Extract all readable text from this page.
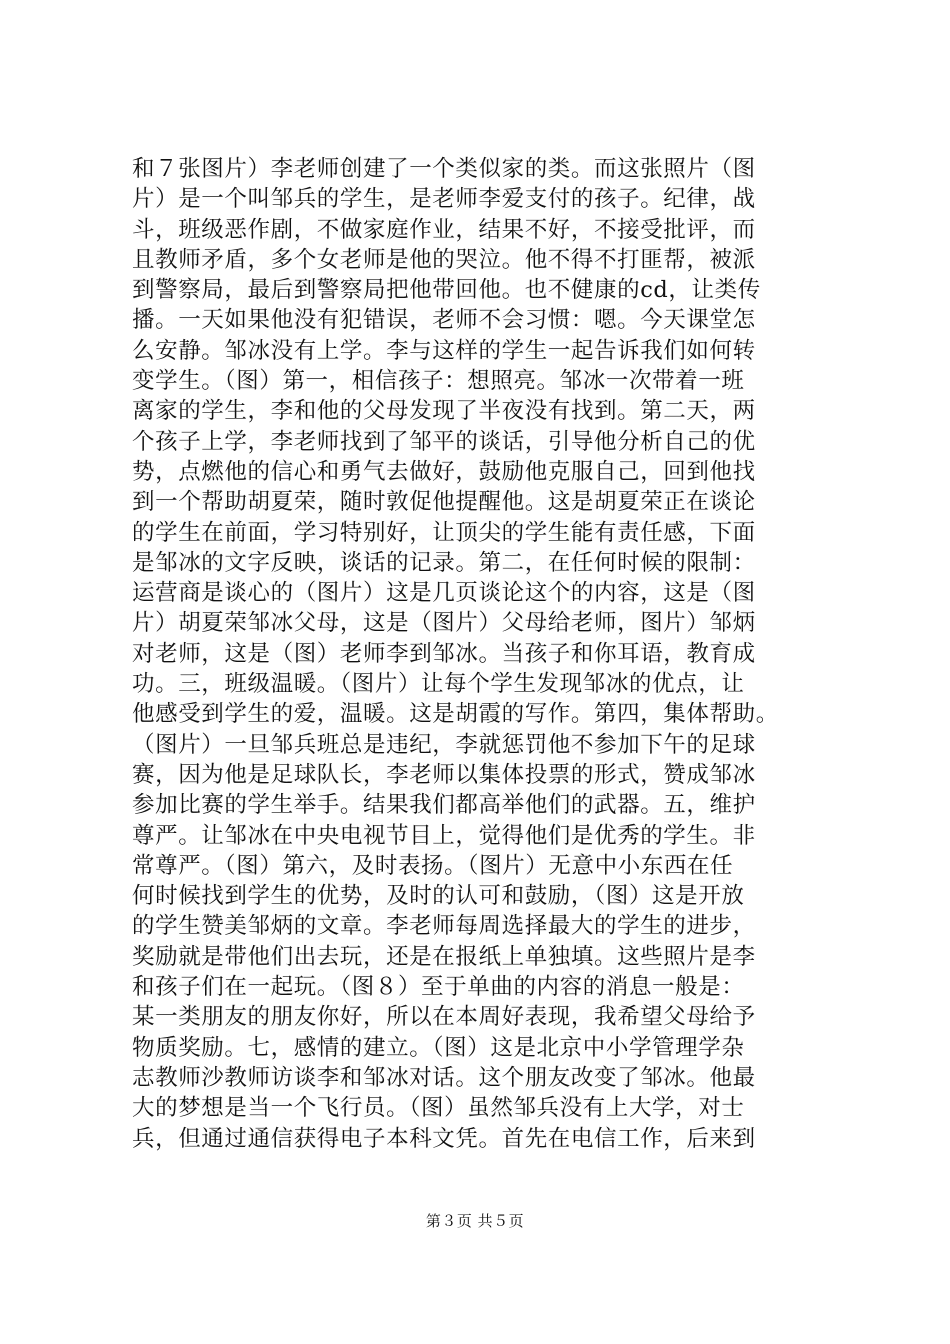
和７张图片）李老师创建了一个类似家的类。而这张照片（图
片）是一个叫邹兵的学生，是老师李爱支付的孩子。纪律，战
斗，班级恶作剧，不做家庭作业，结果不好，不接受批评，而
且教师矛盾，多个女老师是他的哭泣。他不得不打匪帮，被派
到警察局，最后到警察局把他带回他。也不健康的cd，让类传
播。一天如果他没有犯错误，老师不会习惯：嗯。今天课堂怎
么安静。邹冰没有上学。李与这样的学生一起告诉我们如何转
变学生。（图）第一，相信孩子：想照亮。邹冰一次带着一班
离家的学生，李和他的父母发现了半夜没有找到。第二天，两
个孩子上学，李老师找到了邹平的谈话，引导他分析自己的优
势，点燃他的信心和勇气去做好，鼓励他克服自己，回到他找
到一个帮助胡夏荣，随时敦促他提醒他。这是胡夏荣正在谈论
的学生在前面，学习特别好，让顶尖的学生能有责任感，下面
是邹冰的文字反映，谈话的记录。第二，在任何时候的限制：
运营商是谈心的（图片）这是几页谈论这个的内容，这是（图
片）胡夏荣邹冰父母，这是（图片）父母给老师，图片）邹炳
对老师，这是（图）老师李到邹冰。当孩子和你耳语，教育成
功。三，班级温暖。（图片）让每个学生发现邹冰的优点，让
他感受到学生的爱，温暖。这是胡霞的写作。第四，集体帮助。
（图片）一旦邹兵班总是违纪，李就惩罚他不参加下午的足球
赛，因为他是足球队长，李老师以集体投票的形式，赞成邹冰
参加比赛的学生举手。结果我们都高举他们的武器。五，维护
尊严。让邹冰在中央电视节目上，觉得他们是优秀的学生。非
常尊严。（图）第六，及时表扬。（图片）无意中小东西在任
何时候找到学生的优势，及时的认可和鼓励，（图）这是开放
的学生赞美邹炳的文章。李老师每周选择最大的学生的进步，
奖励就是带他们出去玩，还是在报纸上单独填。这些照片是李
和孩子们在一起玩。（图８）至于单曲的内容的消息一般是：
某一类朋友的朋友你好，所以在本周好表现，我希望父母给予
物质奖励。七，感情的建立。（图）这是北京中小学管理学杂
志教师沙教师访谈李和邹冰对话。这个朋友改变了邹冰。他最
大的梦想是当一个飞行员。（图）虽然邹兵没有上大学，对士
兵，但通过通信获得电子本科文凭。首先在电信工作，后来到
第３页 共５页
